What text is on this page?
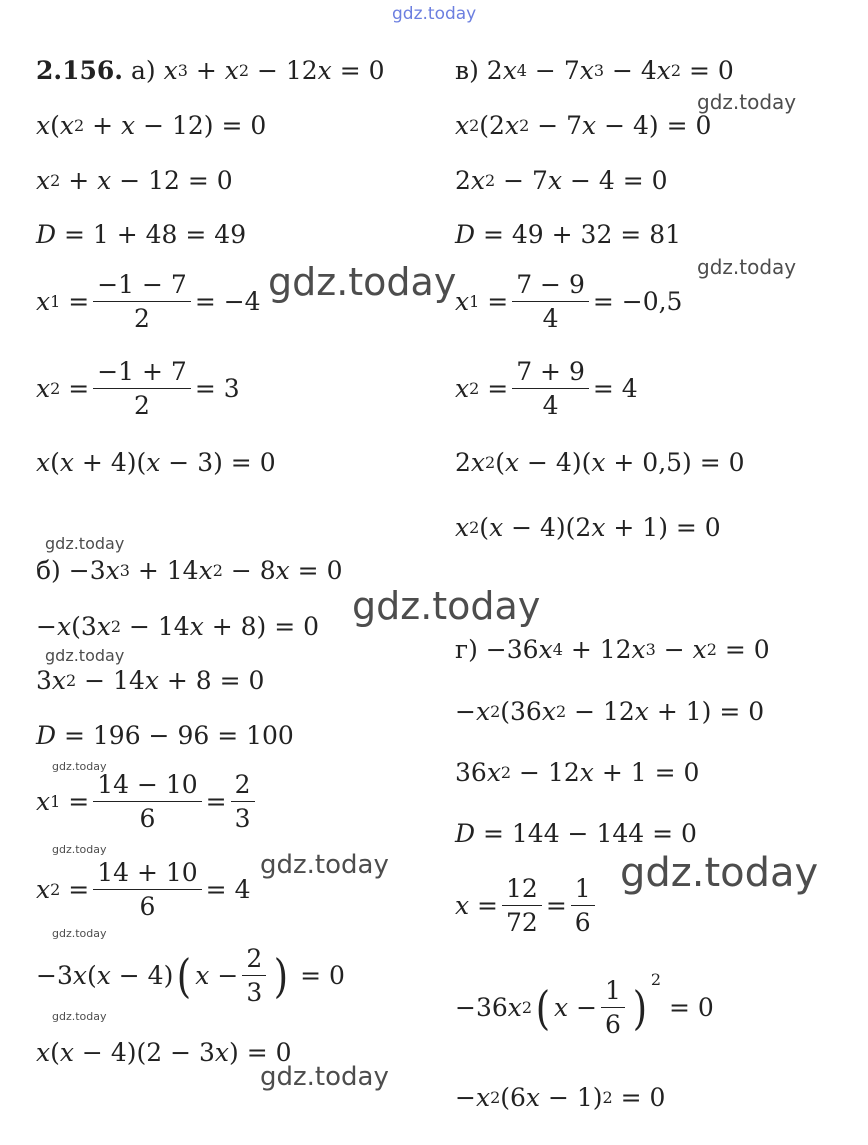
gdz.today
gdz.today
gdz.today
gdz.today
gdz.today
gdz.today
gdz.today
gdz.today
gdz.today
gdz.today	gdz.today
gdz.today
gdz.today
gdz.today
2.156.
а)
x 3 + x 2 − 12 x = 0
x ( x 2 + x − 12) = 0
x 2 + x − 12 = 0
D = 1 + 48 = 49
x $1 = \frac{-1 - 7}{2} = -4$
x $2 = \frac{-1 + 7}{2} = 3$
x ( x + 4)( x − 3) = 0
б) −3 x 3 + 14 x 2 − 8 x = 0
− x (3 x 2 − 14 x + 8) = 0
3 x 2 − 14 x + 8 = 0
D = 196 − 96 = 100
x $1 = \frac{14 - 10}{6} = \frac{2}{3}$
x $2 = \frac{14 + 10}{6} = 4$
−3 x ( x − 4) ( $x - \frac{2}{3}$ ) = 0
x ( x − 4)(2 − 3 x ) = 0
в) 2 x 4 − 7 x 3 − 4 x 2 = 0
x 2 (2 x 2 − 7 x − 4) = 0
2 x 2 − 7 x − 4 = 0
D = 49 + 32 = 81
x $1 = \frac{7 - 9}{4} = -0,5$
x $2 = \frac{7 + 9}{4} = 4$
2 x 2 ( x − 4)( x + 0,5) = 0
x 2 ( x − 4)(2 x + 1) = 0
г) −36 x 4 + 12 x 3 − x 2 = 0
− x 2 (36 x 2 − 12 x + 1) = 0
36 x 2 − 12 x + 1 = 0
D = 144 − 144 = 0
$x = \frac{12}{72} = \frac{1}{6}$
−36 x 2 ( $x - \frac{1}{6}$ )
2
= 0
− x 2 (6 x − 1) 2 = 0
